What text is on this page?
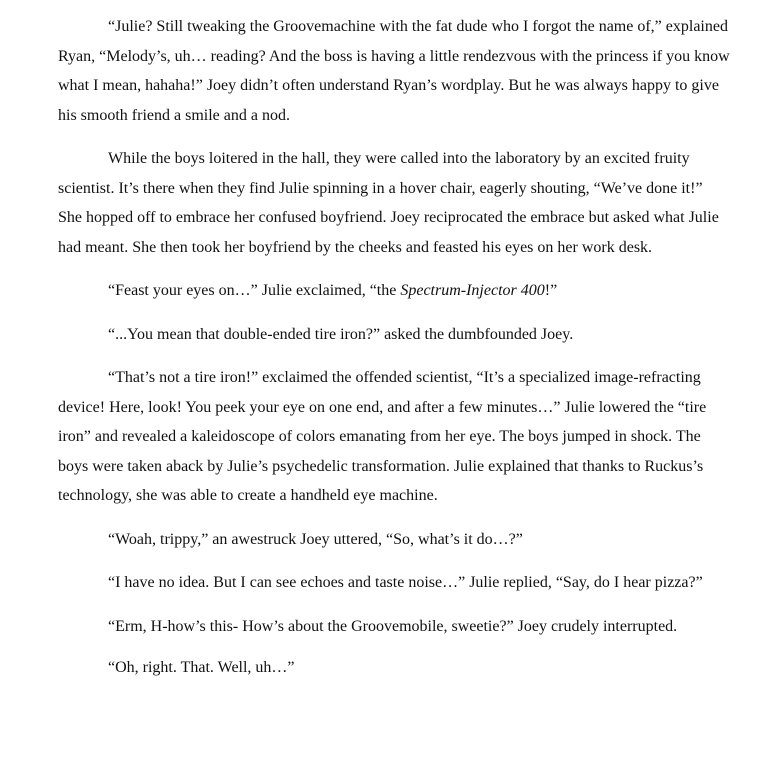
“Julie? Still tweaking the Groovemachine with the fat dude who I forgot the name of,” explained Ryan, “Melody’s, uh… reading? And the boss is having a little rendezvous with the princess if you know what I mean, hahaha!” Joey didn’t often understand Ryan’s wordplay. But he was always happy to give his smooth friend a smile and a nod.

While the boys loitered in the hall, they were called into the laboratory by an excited fruity scientist. It’s there when they find Julie spinning in a hover chair, eagerly shouting, “We’ve done it!” She hopped off to embrace her confused boyfriend. Joey reciprocated the embrace but asked what Julie had meant. She then took her boyfriend by the cheeks and feasted his eyes on her work desk.

“Feast your eyes on…” Julie exclaimed, “the Spectrum-Injector 400!”

“...You mean that double-ended tire iron?” asked the dumbfounded Joey.

“That’s not a tire iron!” exclaimed the offended scientist, “It’s a specialized image-refracting device! Here, look! You peek your eye on one end, and after a few minutes…” Julie lowered the “tire iron” and revealed a kaleidoscope of colors emanating from her eye. The boys jumped in shock. The boys were taken aback by Julie’s psychedelic transformation. Julie explained that thanks to Ruckus’s technology, she was able to create a handheld eye machine.

“Woah, trippy,” an awestruck Joey uttered, “So, what’s it do…?”

“I have no idea. But I can see echoes and taste noise…” Julie replied, “Say, do I hear pizza?”

“Erm, H-how’s this- How’s about the Groovemobile, sweetie?” Joey crudely interrupted.

“Oh, right. That. Well, uh…”
